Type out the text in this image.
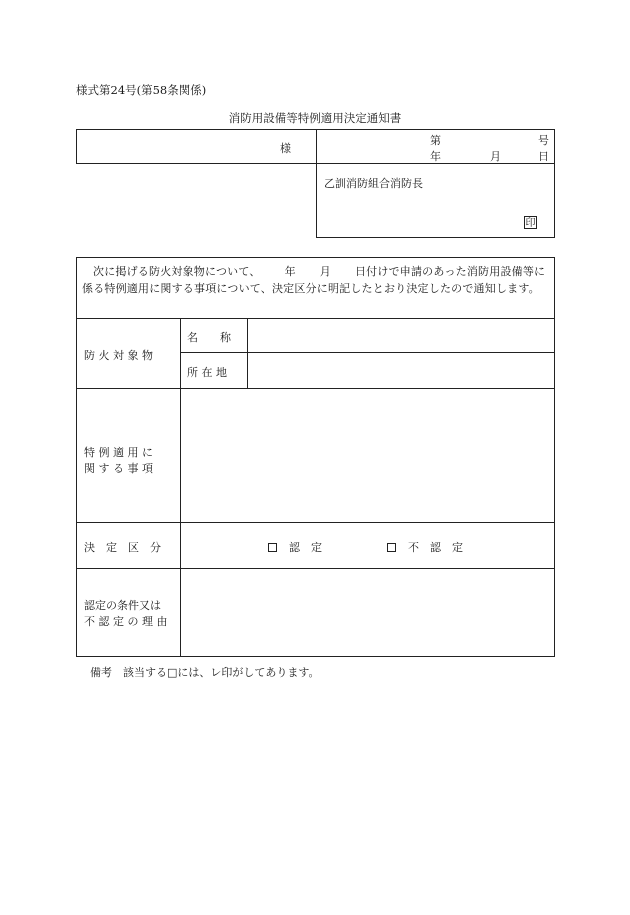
様式第24号(第58条関係)
消防用設備等特例適用決定通知書
様
第	号
年	月	日
乙訓消防組合消防長
印
次に掲げる防火対象物について、 年 月 日付けで申請のあった消防用設備等に係る特例適用に関する事項について、決定区分に明記したとおり決定したので通知します。
防 火 対 象 物
名　　称
所 在 地
特 例 適 用 に
関 す る 事 項
決　定　区　分	認　定	不　認　定
認定の条件又は
不 認 定 の 理 由
備考　該当する□には、レ印がしてあります。
